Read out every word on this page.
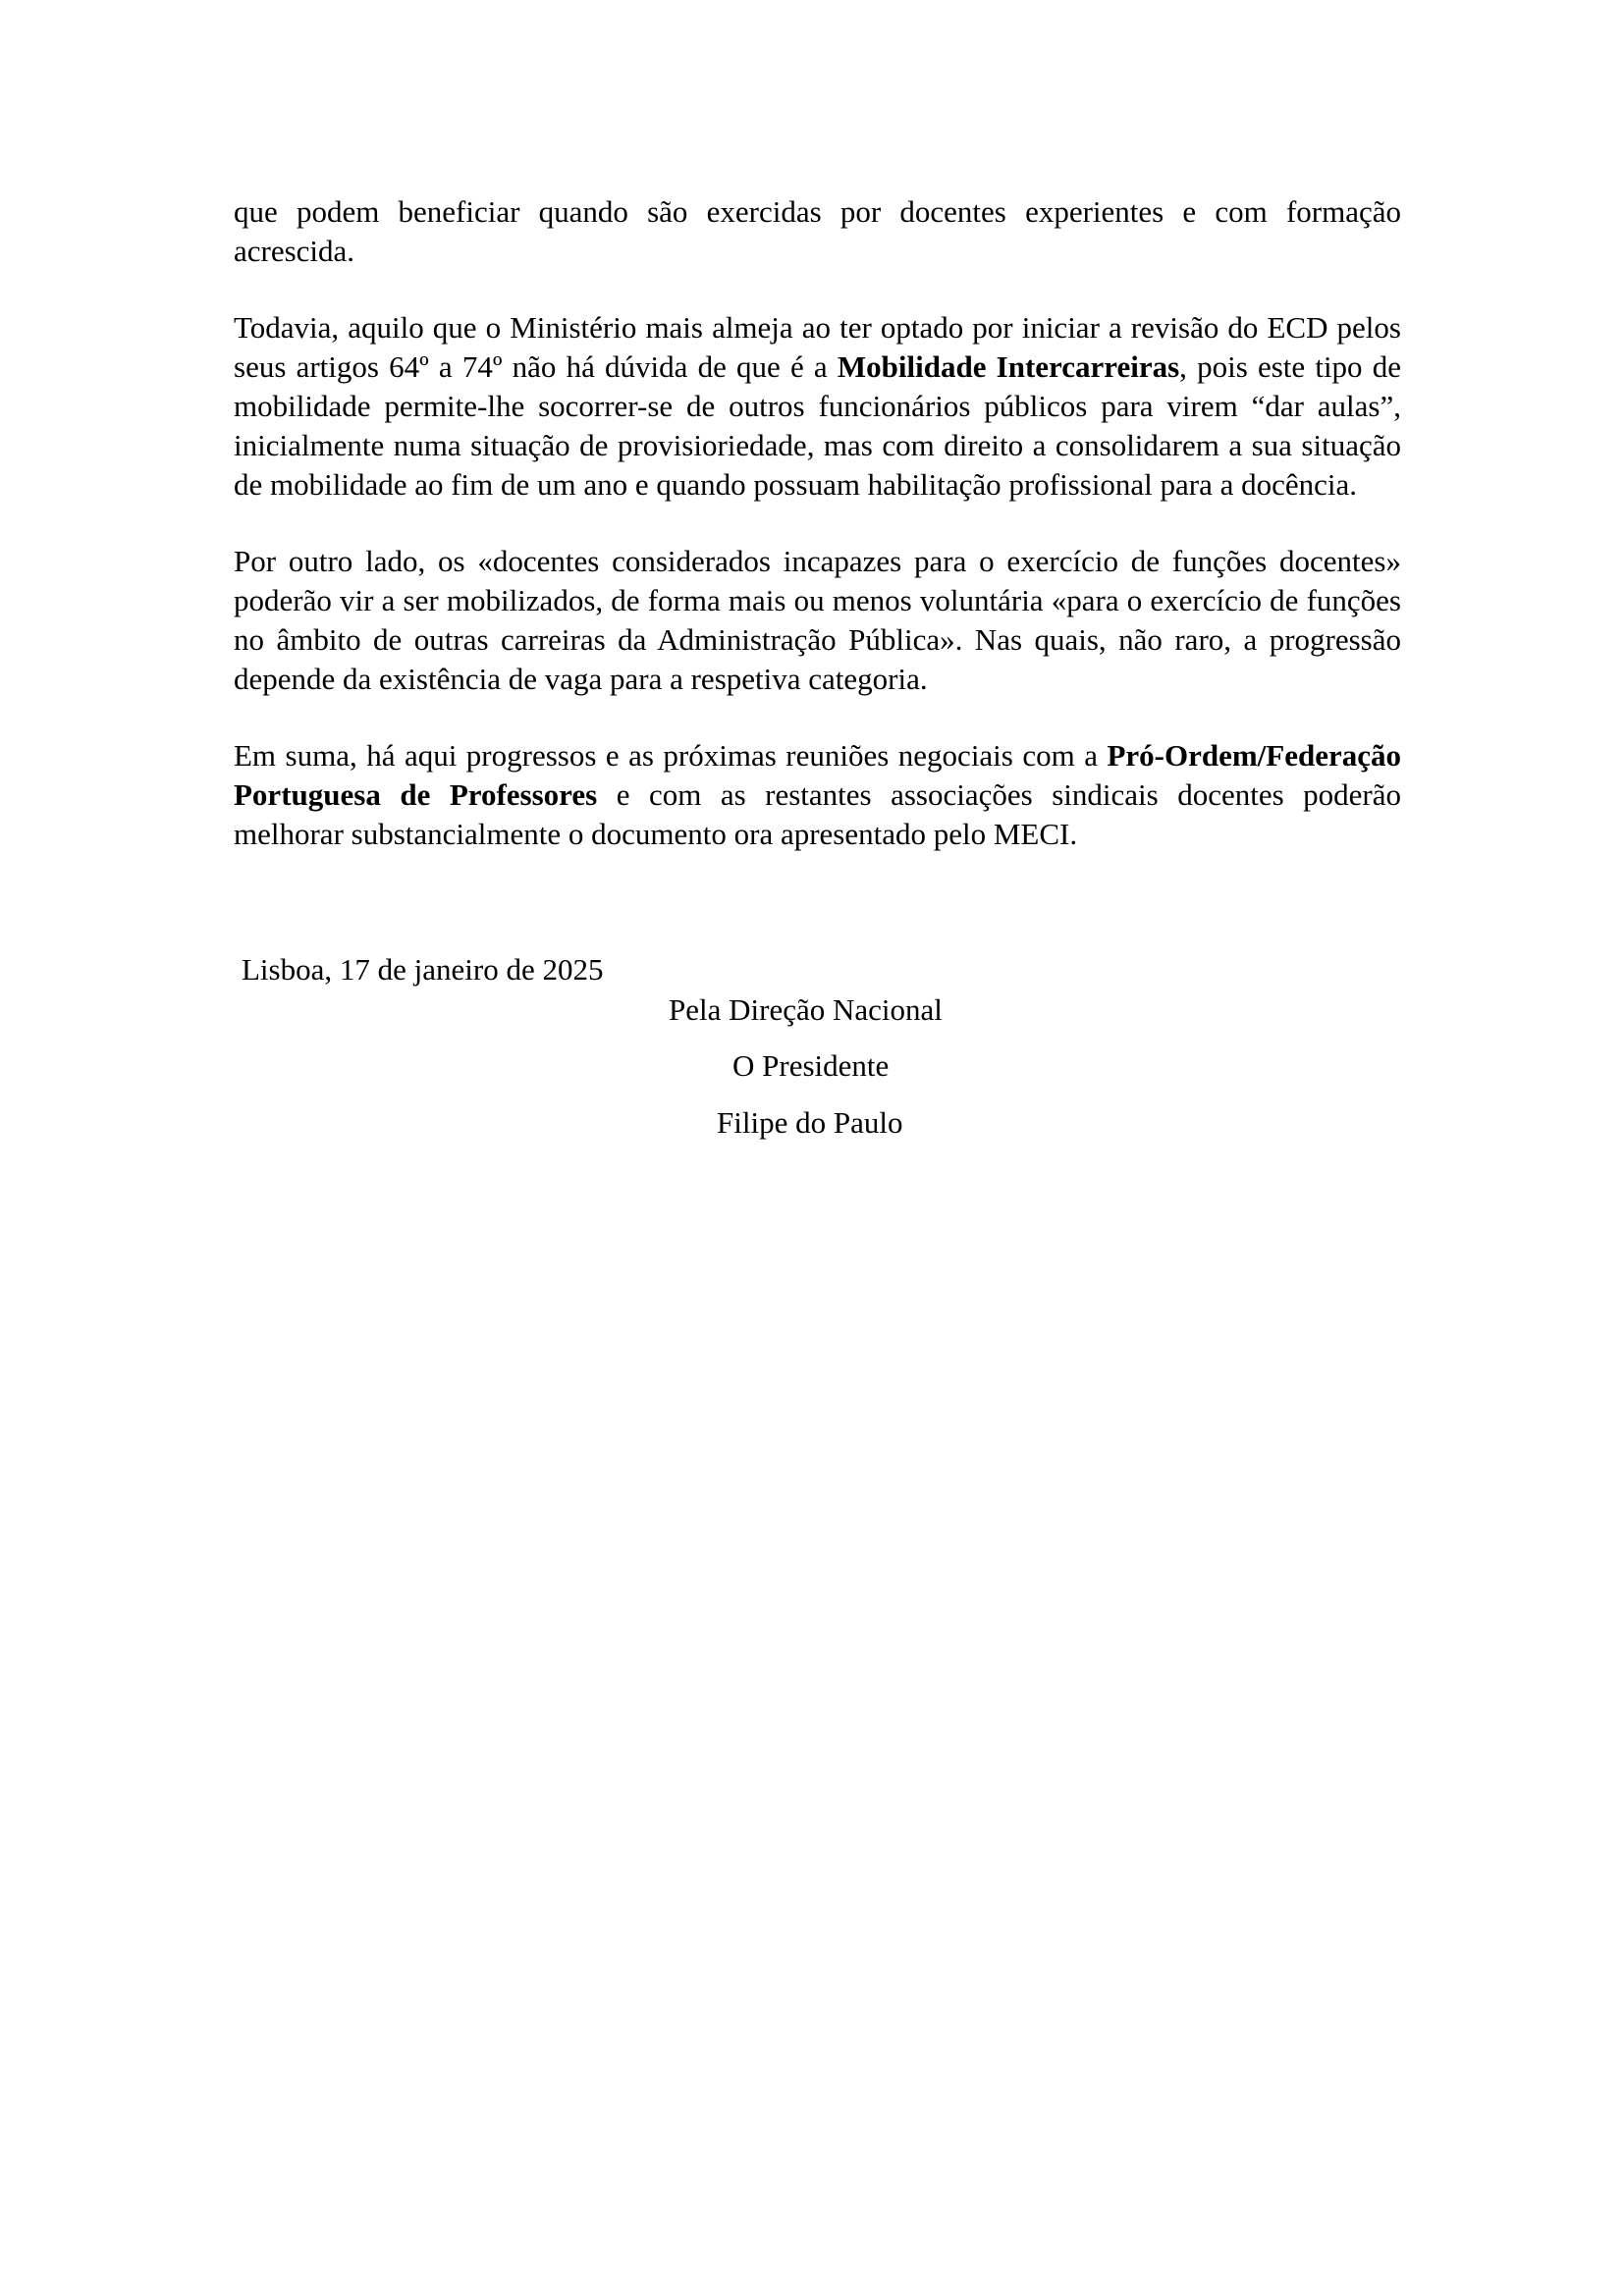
que podem beneficiar quando são exercidas por docentes experientes e com formação acrescida.

Todavia, aquilo que o Ministério mais almeja ao ter optado por iniciar a revisão do ECD pelos seus artigos 64º a 74º não há dúvida de que é a Mobilidade Intercarreiras, pois este tipo de mobilidade permite-lhe socorrer-se de outros funcionários públicos para virem “dar aulas”, inicialmente numa situação de provisioriedade, mas com direito a consolidarem a sua situação de mobilidade ao fim de um ano e quando possuam habilitação profissional para a docência.

Por outro lado, os «docentes considerados incapazes para o exercício de funções docentes» poderão vir a ser mobilizados, de forma mais ou menos voluntária «para o exercício de funções no âmbito de outras carreiras da Administração Pública». Nas quais, não raro, a progressão depende da existência de vaga para a respetiva categoria.

Em suma, há aqui progressos e as próximas reuniões negociais com a Pró-Ordem/Federação Portuguesa de Professores e com as restantes associações sindicais docentes poderão melhorar substancialmente o documento ora apresentado pelo MECI.

Lisboa, 17 de janeiro de 2025

Pela Direção Nacional
O Presidente
Filipe do Paulo
